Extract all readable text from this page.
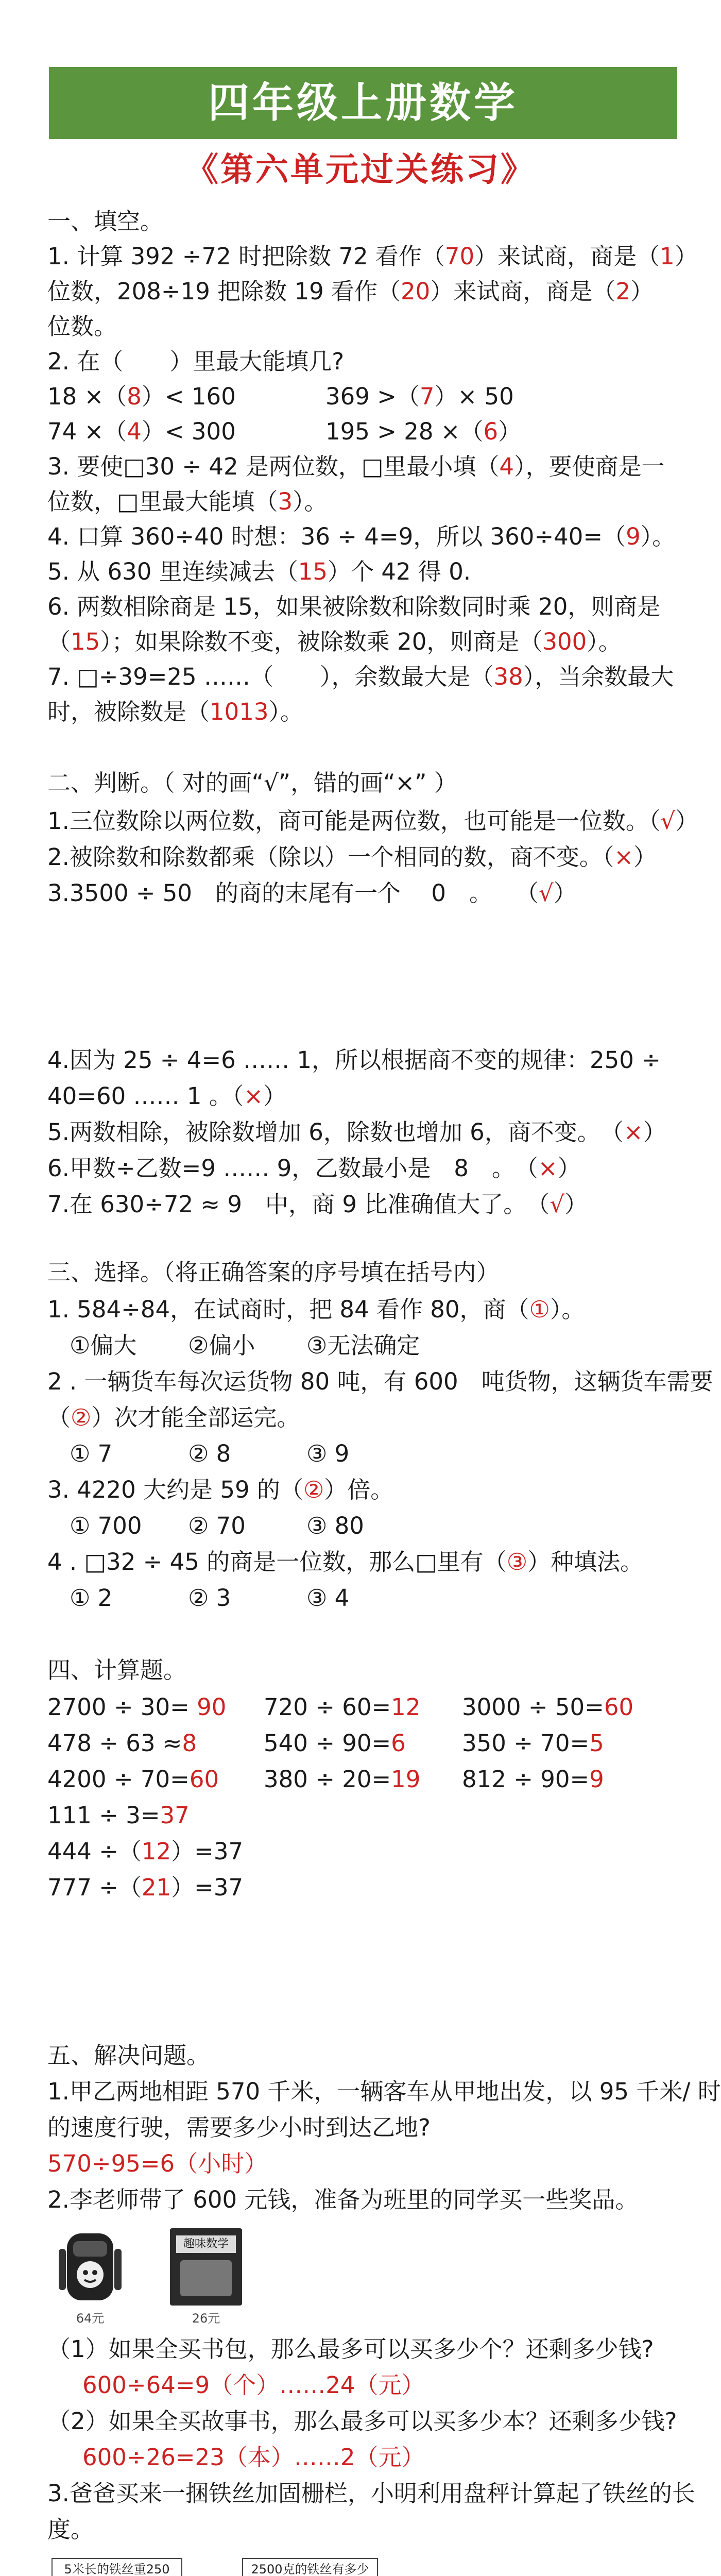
四年级上册数学
《第六单元过关练习》
一、填空。
1. 计算 392 ÷72 时把除数 72 看作（70）来试商，商是（1）
位数，208÷19 把除数 19 看作（20）来试商，商是（2）
位数。
2. 在（　　）里最大能填几?
18 ×（8）< 160	369 >（7）× 50
74 ×（4）< 300	195 > 28 ×（6）
3. 要使□30 ÷ 42 是两位数，□里最小填（4），要使商是一
位数，□里最大能填（3）。
4. 口算 360÷40 时想：36 ÷ 4=9，所以 360÷40=（9）。
5. 从 630 里连续减去（15）个 42 得 0.
6. 两数相除商是 15，如果被除数和除数同时乘 20，则商是
（15）；如果除数不变，被除数乘 20，则商是（300）。
7. □÷39=25 ……（　　），余数最大是（38），当余数最大
时，被除数是（1013）。
二、判断。（ 对的画“√”，错的画“×” ）
1.三位数除以两位数，商可能是两位数，也可能是一位数。（√）
2.被除数和除数都乘（除以）一个相同的数，商不变。（×）
3.3500 ÷ 50　的商的末尾有一个　 0　。　　 （√）
4.因为 25 ÷ 4=6 …… 1，所以根据商不变的规律：250 ÷
40=60 …… 1 。（×）
5.两数相除，被除数增加 6，除数也增加 6，商不变。　 （×）
6.甲数÷乙数=9 …… 9，乙数最小是　8　。　 （×）
7.在 630÷72 ≈ 9　中，商 9 比准确值大了。　 （√）
三、选择。（将正确答案的序号填在括号内）
1. 584÷84，在试商时，把 84 看作 80，商（①）。
①偏大 ②偏小 ③无法确定
2 . 一辆货车每次运货物 80 吨，有 600　吨货物，这辆货车需要
（②）次才能全部运完。
① 7	② 8	③ 9
3. 4220 大约是 59 的（②）倍。
① 700 ② 70	③ 80
4 . □32 ÷ 45 的商是一位数，那么□里有（③）种填法。
① 2	② 3	③ 4
四、计算题。
2700 ÷ 30= 90 720 ÷ 60=12 3000 ÷ 50=60
478 ÷ 63 ≈8	540 ÷ 90=6 350 ÷ 70=5
4200 ÷ 70=60 380 ÷ 20=19 812 ÷ 90=9
111 ÷ 3=37
444 ÷（12）=37
777 ÷（21）=37
五、解决问题。
1.甲乙两地相距 570 千米，一辆客车从甲地出发，以 95 千米/ 时
的速度行驶，需要多少小时到达乙地?
570÷95=6（小时）
2.李老师带了 600 元钱，准备为班里的同学买一些奖品。
64元
趣味数学
26元
（1）如果全买书包，那么最多可以买多少个？还剩多少钱?
600÷64=9（个）……24（元）
（2）如果全买故事书，那么最多可以买多少本？还剩多少钱?
600÷26=23（本）……2（元）
3.爸爸买来一捆铁丝加固栅栏，小明利用盘秤计算起了铁丝的长
度。
5米长的铁丝重250	2500克的铁丝有多少
